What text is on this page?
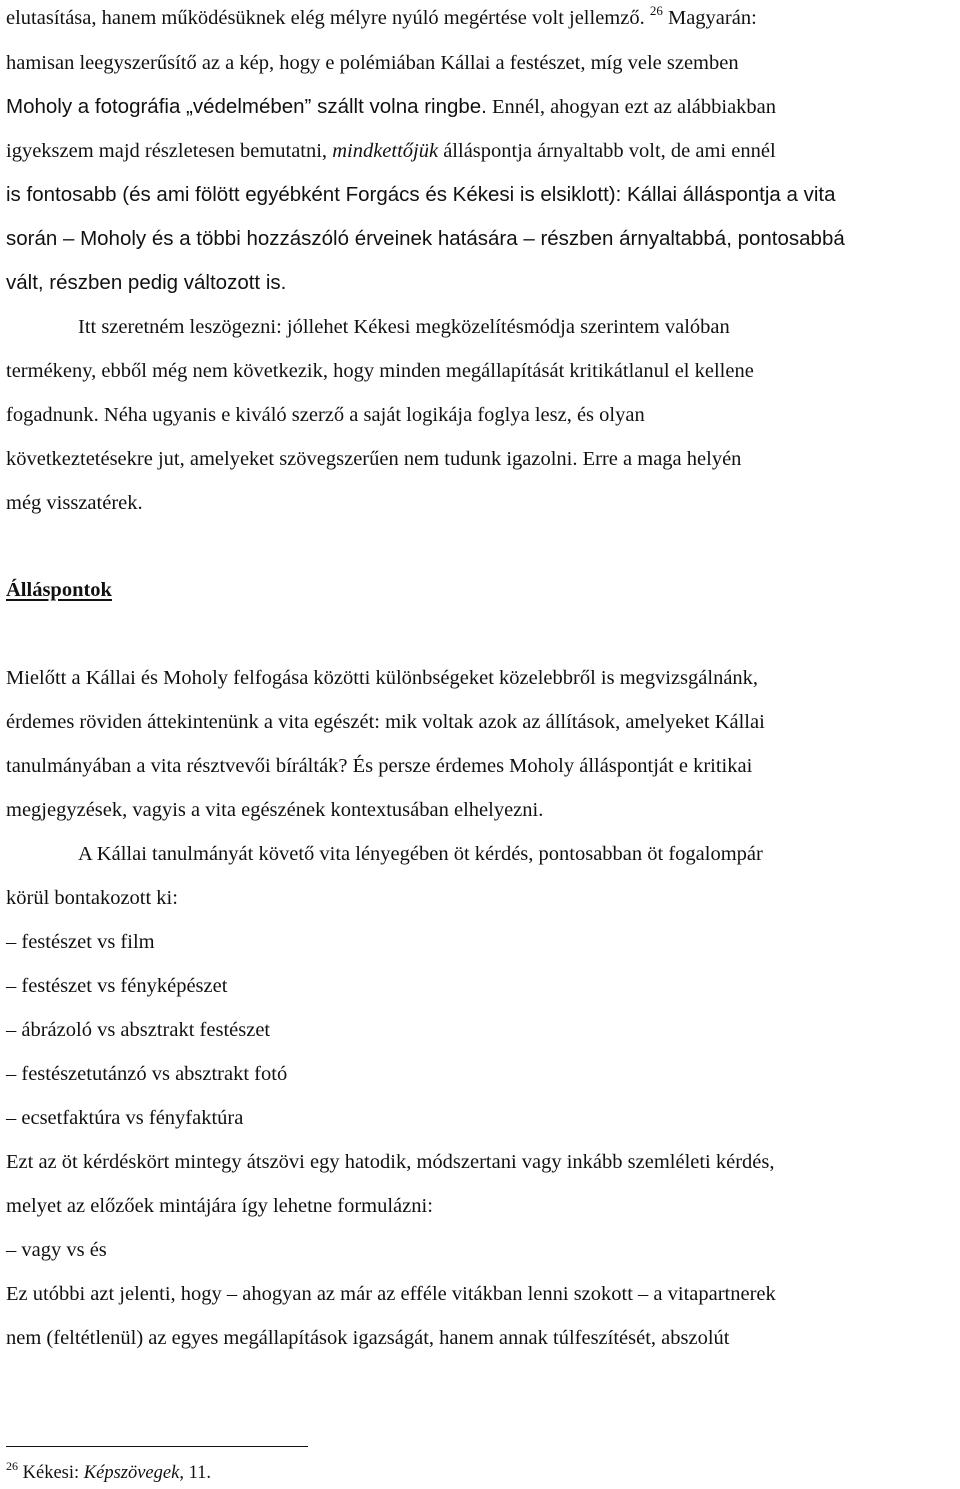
elutasítása, hanem működésüknek elég mélyre nyúló megértése volt jellemző. $^{26}$ Magyarán:
hamisan leegyszerűsítő az a kép, hogy e polémiában Kállai a festészet, míg vele szemben
Moholy a fotográfia „védelmében” szállt volna ringbe. Ennél, ahogyan ezt az alábbiakban
igyekszem majd részletesen bemutatni, mindkettőjük álláspontja árnyaltabb volt, de ami ennél
is fontosabb (és ami fölött egyébként Forgács és Kékesi is elsiklott): Kállai álláspontja a vita
során – Moholy és a többi hozzászóló érveinek hatására – részben árnyaltabbá, pontosabbá
vált, részben pedig változott is.
Itt szeretném leszögezni: jóllehet Kékesi megközelítésmódja szerintem valóban
termékeny, ebből még nem következik, hogy minden megállapítását kritikátlanul el kellene
fogadnunk. Néha ugyanis e kiváló szerző a saját logikája foglya lesz, és olyan
következtetésekre jut, amelyeket szövegszerűen nem tudunk igazolni. Erre a maga helyén
még visszatérek.
Álláspontok
Mielőtt a Kállai és Moholy felfogása közötti különbségeket közelebbről is megvizsgálnánk,
érdemes röviden áttekintenünk a vita egészét: mik voltak azok az állítások, amelyeket Kállai
tanulmányában a vita résztvevői bírálták? És persze érdemes Moholy álláspontját e kritikai
megjegyzések, vagyis a vita egészének kontextusában elhelyezni.
A Kállai tanulmányát követő vita lényegében öt kérdés, pontosabban öt fogalompár
körül bontakozott ki:
– festészet vs film
– festészet vs fényképészet
– ábrázoló vs absztrakt festészet
– festészetutánzó vs absztrakt fotó
– ecsetfaktúra vs fényfaktúra
Ezt az öt kérdéskört mintegy átszövi egy hatodik, módszertani vagy inkább szemléleti kérdés,
melyet az előzőek mintájára így lehetne formulázni:
– vagy vs és
Ez utóbbi azt jelenti, hogy – ahogyan az már az efféle vitákban lenni szokott – a vitapartnerek
nem (feltétlenül) az egyes megállapítások igazságát, hanem annak túlfeszítését, abszolút
$^{26}$ Kékesi: Képszövegek, 11.
